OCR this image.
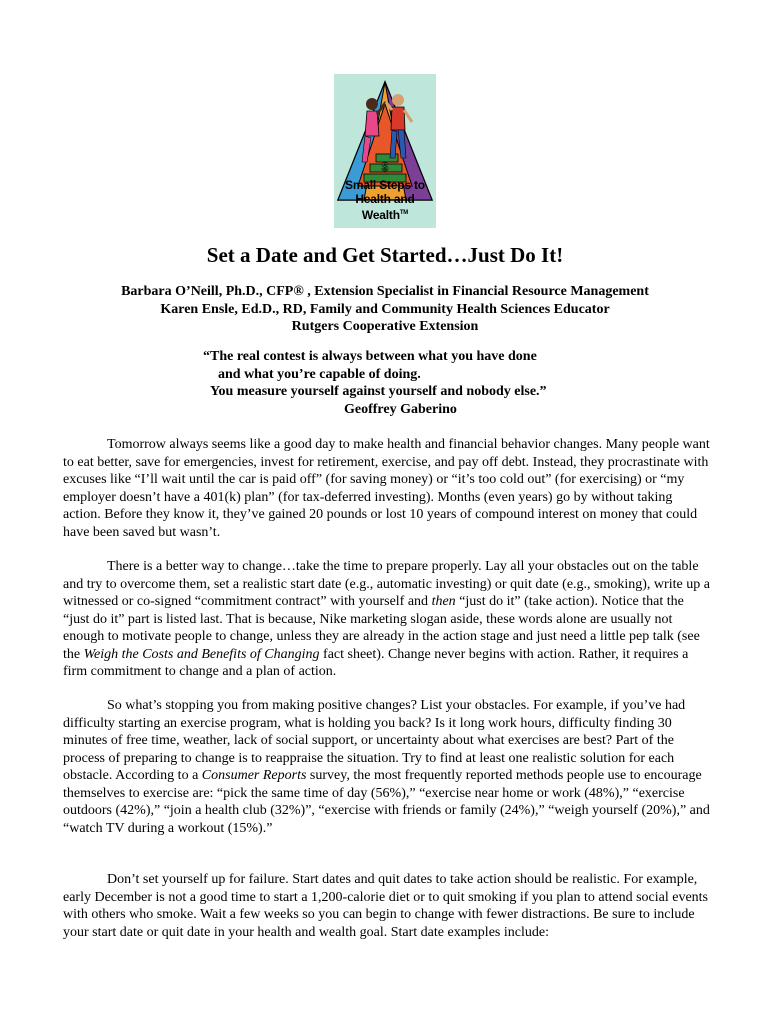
$
Small Steps to
Health and
Wealth™
Set a Date and Get Started…Just Do It!
Barbara O’Neill, Ph.D., CFP® , Extension Specialist in Financial Resource Management
Karen Ensle, Ed.D., RD, Family and Community Health Sciences Educator
Rutgers Cooperative Extension
“The real contest is always between what you have done
and what you’re capable of doing.
You measure yourself against yourself and nobody else.”
Geoffrey Gaberino

Tomorrow always seems like a good day to make health and financial behavior changes. Many people want to eat better, save for emergencies, invest for retirement, exercise, and pay off debt. Instead, they procrastinate with excuses like “I’ll wait until the car is paid off” (for saving money) or “it’s too cold out” (for exercising) or “my employer doesn’t have a 401(k) plan” (for tax-deferred investing). Months (even years) go by without taking action. Before they know it, they’ve gained 20 pounds or lost 10 years of compound interest on money that could have been saved but wasn’t.

There is a better way to change…take the time to prepare properly. Lay all your obstacles out on the table and try to overcome them, set a realistic start date (e.g., automatic investing) or quit date (e.g., smoking), write up a witnessed or co-signed “commitment contract” with yourself and then “just do it” (take action). Notice that the “just do it” part is listed last. That is because, Nike marketing slogan aside, these words alone are usually not enough to motivate people to change, unless they are already in the action stage and just need a little pep talk (see the Weigh the Costs and Benefits of Changing fact sheet). Change never begins with action. Rather, it requires a firm commitment to change and a plan of action.

So what’s stopping you from making positive changes? List your obstacles. For example, if you’ve had difficulty starting an exercise program, what is holding you back? Is it long work hours, difficulty finding 30 minutes of free time, weather, lack of social support, or uncertainty about what exercises are best? Part of the process of preparing to change is to reappraise the situation. Try to find at least one realistic solution for each obstacle. According to a Consumer Reports survey, the most frequently reported methods people use to encourage themselves to exercise are: “pick the same time of day (56%),” “exercise near home or work (48%),” “exercise outdoors (42%),” “join a health club (32%)”, “exercise with friends or family (24%),” “weigh yourself (20%),” and “watch TV during a workout (15%).”

Don’t set yourself up for failure. Start dates and quit dates to take action should be realistic. For example, early December is not a good time to start a 1,200-calorie diet or to quit smoking if you plan to attend social events with others who smoke. Wait a few weeks so you can begin to change with fewer distractions. Be sure to include your start date or quit date in your health and wealth goal. Start date examples include:
